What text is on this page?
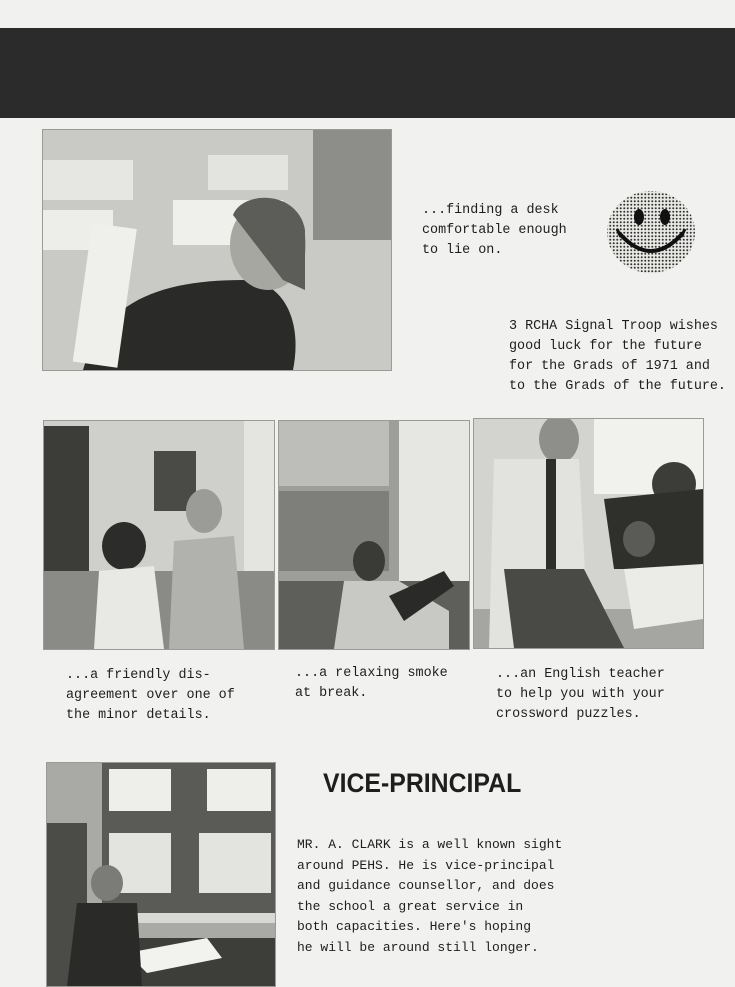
...finding a desk
comfortable enough
to lie on.
3 RCHA Signal Troop wishes
good luck for the future
for the Grads of 1971 and
to the Grads of the future.
...a friendly dis-
agreement over one of
the minor details.
...a relaxing smoke
at break.
...an English teacher
to help you with your
crossword puzzles.
VICE-PRINCIPAL
MR. A. CLARK is a well known sight
around PEHS. He is vice-principal
and guidance counsellor, and does
the school a great service in
both capacities. Here's hoping
he will be around still longer.
